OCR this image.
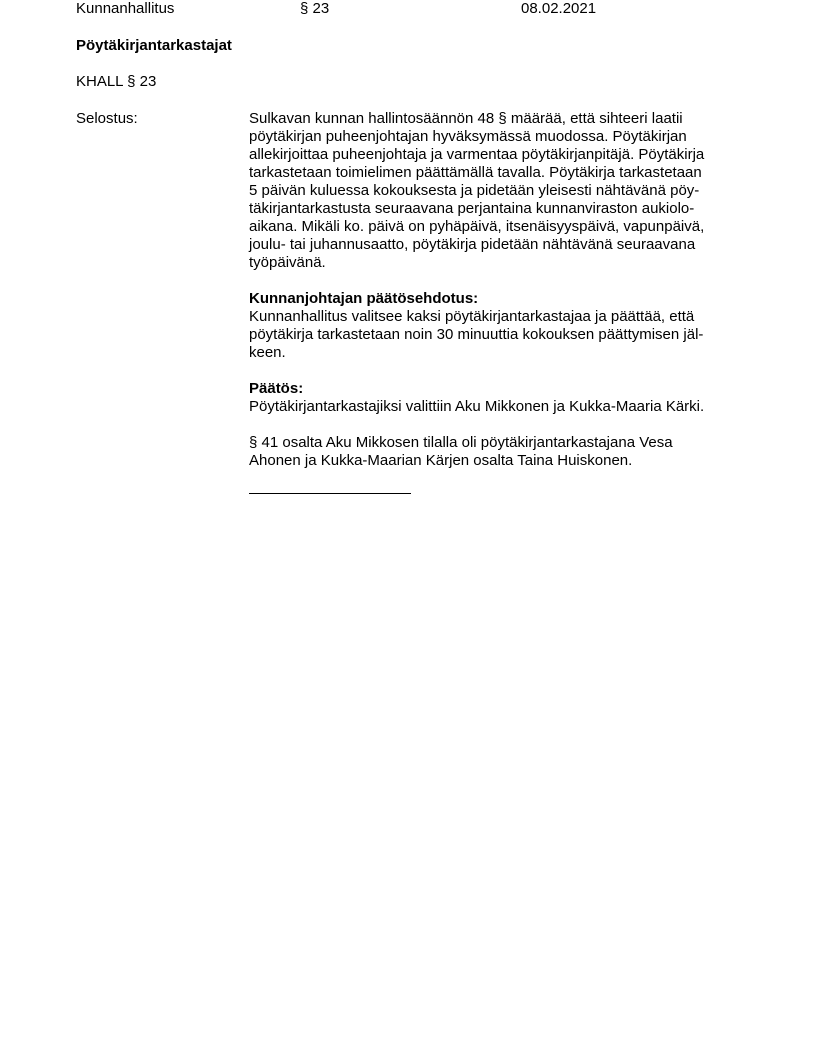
Kunnanhallitus	§ 23	08.02.2021
Pöytäkirjantarkastajat
KHALL § 23
Selostus:	Sulkavan kunnan hallintosäännön 48 § määrää, että sihteeri laatii
pöytäkirjan puheenjohtajan hyväksymässä muodossa. Pöytäkirjan
allekirjoittaa puheenjohtaja ja varmentaa pöytäkirjanpitäjä. Pöytäkirja
tarkastetaan toimielimen päättämällä tavalla. Pöytäkirja tarkastetaan
5 päivän kuluessa kokouksesta ja pidetään yleisesti nähtävänä pöy-
täkirjantarkastusta seuraavana perjantaina kunnanviraston aukiolo-
aikana. Mikäli ko. päivä on pyhäpäivä, itsenäisyyspäivä, vapunpäivä,
joulu- tai juhannusaatto, pöytäkirja pidetään nähtävänä seuraavana
työpäivänä.

Kunnanjohtajan päätösehdotus:

Kunnanhallitus valitsee kaksi pöytäkirjantarkastajaa ja päättää, että
pöytäkirja tarkastetaan noin 30 minuuttia kokouksen päättymisen jäl-
keen.

Päätös:

Pöytäkirjantarkastajiksi valittiin Aku Mikkonen ja Kukka-Maaria Kärki.

§ 41 osalta Aku Mikkosen tilalla oli pöytäkirjantarkastajana Vesa
Ahonen ja Kukka-Maarian Kärjen osalta Taina Huiskonen.
